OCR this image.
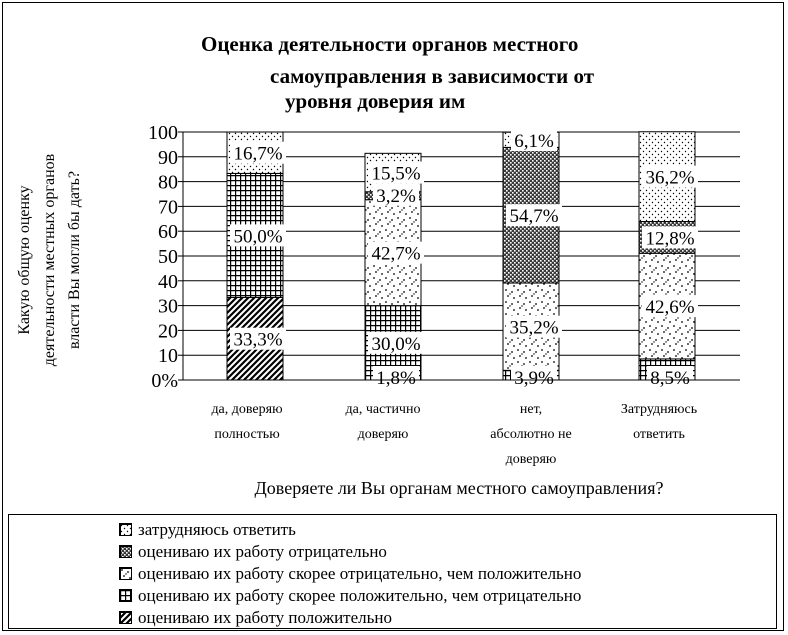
Оценка деятельности органов местного
самоуправления в зависимости от
уровня доверия им
Какую общую оценку деятельности местных органов власти Вы могли бы дать?	33,3%
50,0%
30,0%
3,9%	8,5%
42,7%
35,2%
42,6%
3,2%
54,7%
12,8%
16,7%
15,5%
6,1%
36,2%
1,8%
0%
10
20
30
40
50
60
70
80
90
100
да, доверяю полностью
да, частично доверяю
нет, абсолютно не доверяю
Затрудняюсь ответить
Доверяете ли Вы органам местного самоуправления?
затрудняюсь ответить
оцениваю их работу отрицательно
оцениваю их работу скорее отрицательно, чем положительно
оцениваю их работу скорее положительно, чем отрицательно
оцениваю их работу положительно
